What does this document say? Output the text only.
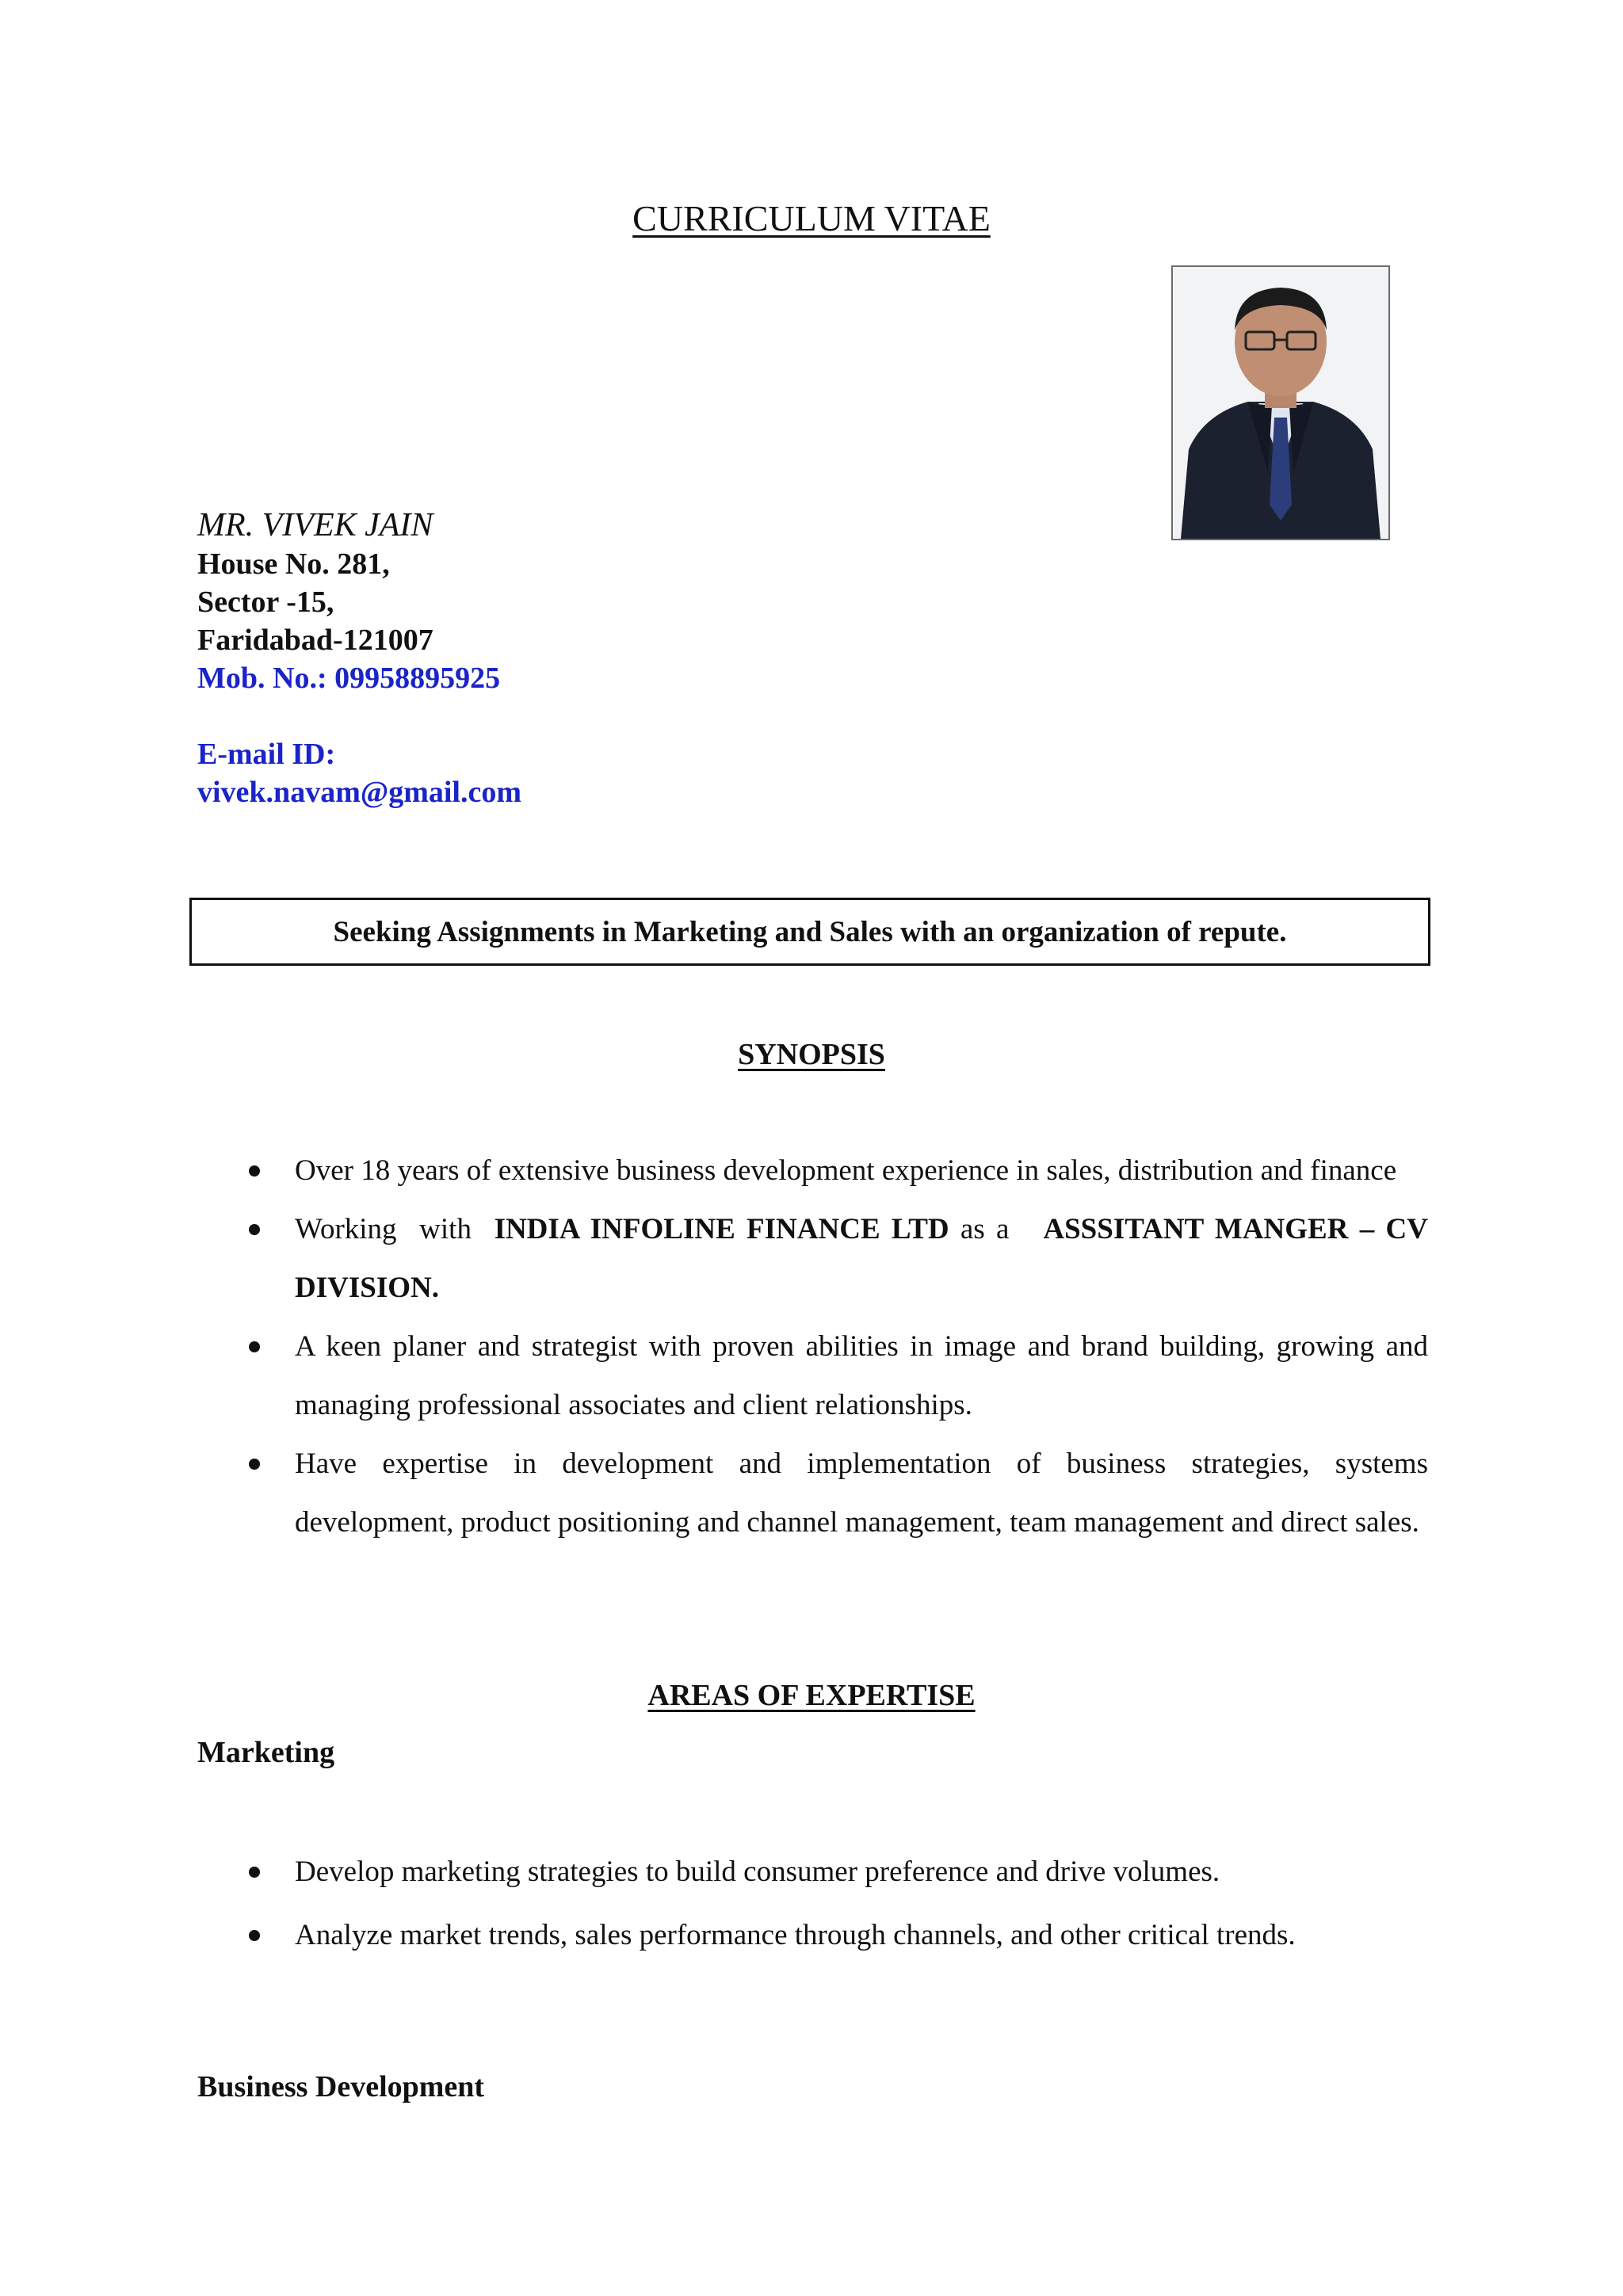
CURRICULUM VITAE
MR. VIVEK JAIN
House No. 281,
Sector -15,
Faridabad-121007
Mob. No.: 09958895925
E-mail ID:
vivek.navam@gmail.com
Seeking Assignments in Marketing and Sales with an organization of repute.
SYNOPSIS
Over 18 years of extensive business development experience in sales, distribution and finance
Working  with  INDIA INFOLINE FINANCE LTD as a   ASSSITANT MANGER – CV DIVISION.
A keen planer and strategist with proven abilities in image and brand building, growing and managing professional associates and client relationships.
Have expertise in development and implementation of business strategies, systems development, product positioning and channel management, team management and direct sales.
AREAS OF EXPERTISE
Marketing
Develop marketing strategies to build consumer preference and drive volumes.
Analyze market trends, sales performance through channels, and other critical trends.
Business Development
